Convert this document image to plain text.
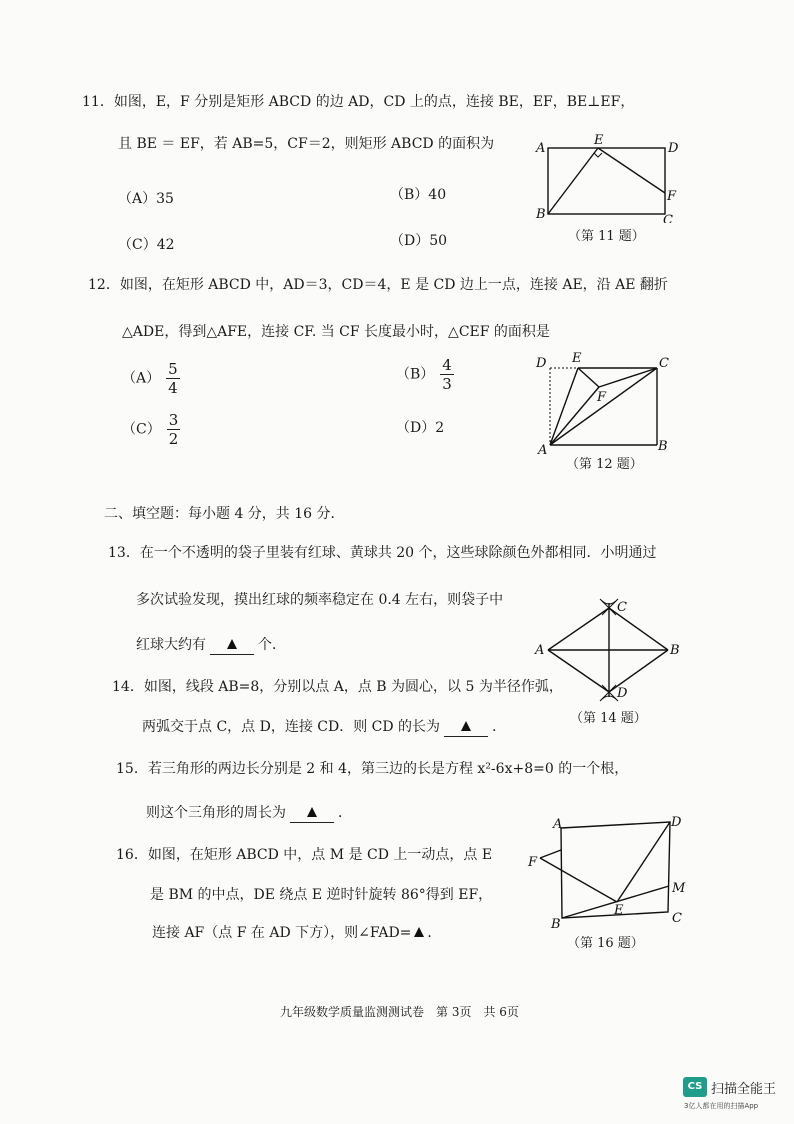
11．如图，E，F 分别是矩形 ABCD 的边 AD，CD 上的点，连接 BE，EF，BE⊥EF，
且 BE ＝ EF，若 AB=5，CF＝2，则矩形 ABCD 的面积为
（A）35	（B）40
（C）42	（D）50
A
B	C
D
E
F
（第 11 题）
12．如图，在矩形 ABCD 中，AD＝3，CD＝4，E 是 CD 边上一点，连接 AE，沿 AE 翻折
△ADE，得到△AFE，连接 CF. 当 CF 长度最小时，△CEF 的面积是
$(A) \frac{5}{4}$	$(B) \frac{4}{3}$
$(C) \frac{3}{2}$	（D）2
D E	C
F
A	B
（第 12 题）
二、填空题：每小题 4 分，共 16 分．
13．在一个不透明的袋子里装有红球、黄球共 20 个，这些球除颜色外都相同．小明通过
多次试验发现，摸出红球的频率稳定在 0.4 左右，则袋子中
红球大约有	个．
14．如图，线段 AB=8，分别以点 A，点 B 为圆心，以 5 为半径作弧，
两弧交于点 C，点 D，连接 CD．则 CD 的长为	．
A	B
C
D
（第 14 题）
15．若三角形的两边长分别是 2 和 4，第三边的长是方程 x²-6x+8=0 的一个根，
则这个三角形的周长为	．
16．如图，在矩形 ABCD 中，点 M 是 CD 上一动点，点 E
是 BM 的中点，DE 绕点 E 逆时针旋转 86°得到 EF，
连接 AF（点 F 在 AD 下方），则∠FAD= ．
A	D
F
M
E
B	C
（第 16 题）
九年级数学质量监测测试卷　第 3页　共 6页
CS 扫描全能王
3亿人都在用的扫描App
